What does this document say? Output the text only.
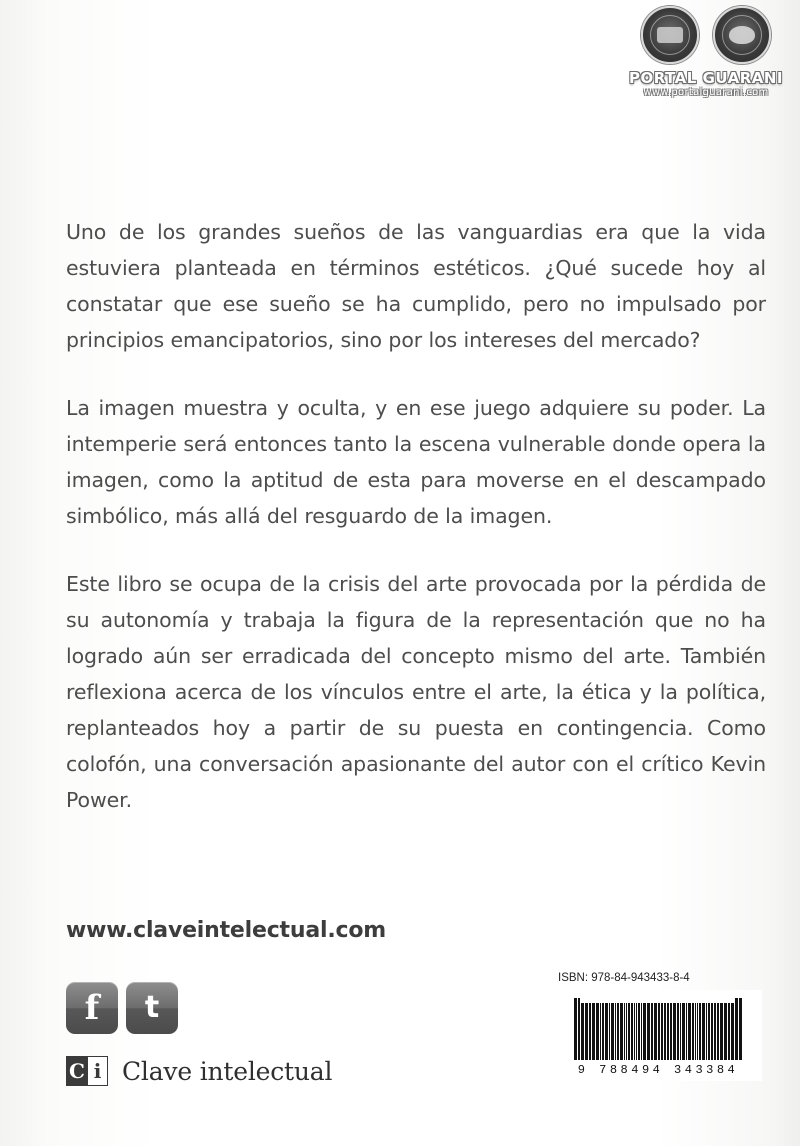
PORTAL GUARANI
www.portalguarani.com

Uno de los grandes sueños de las vanguardias era que la vida estuviera planteada en términos estéticos. ¿Qué sucede hoy al constatar que ese sueño se ha cumplido, pero no impulsado por principios emancipatorios, sino por los intereses del mercado?

La imagen muestra y oculta, y en ese juego adquiere su poder. La intemperie será entonces tanto la escena vulnerable donde opera la imagen, como la aptitud de esta para moverse en el descampado simbólico, más allá del resguardo de la imagen.

Este libro se ocupa de la crisis del arte provocada por la pérdida de su autonomía y trabaja la figura de la representación que no ha logrado aún ser erradicada del concepto mismo del arte. También reflexiona acerca de los vínculos entre el arte, la ética y la política, replanteados hoy a partir de su puesta en contingencia. Como colofón, una conversación apasionante del autor con el crítico Kevin Power.

www.claveintelectual.com
f	t
C i Clave intelectual
ISBN: 978-84-943433-8-4
9 788494 343384
